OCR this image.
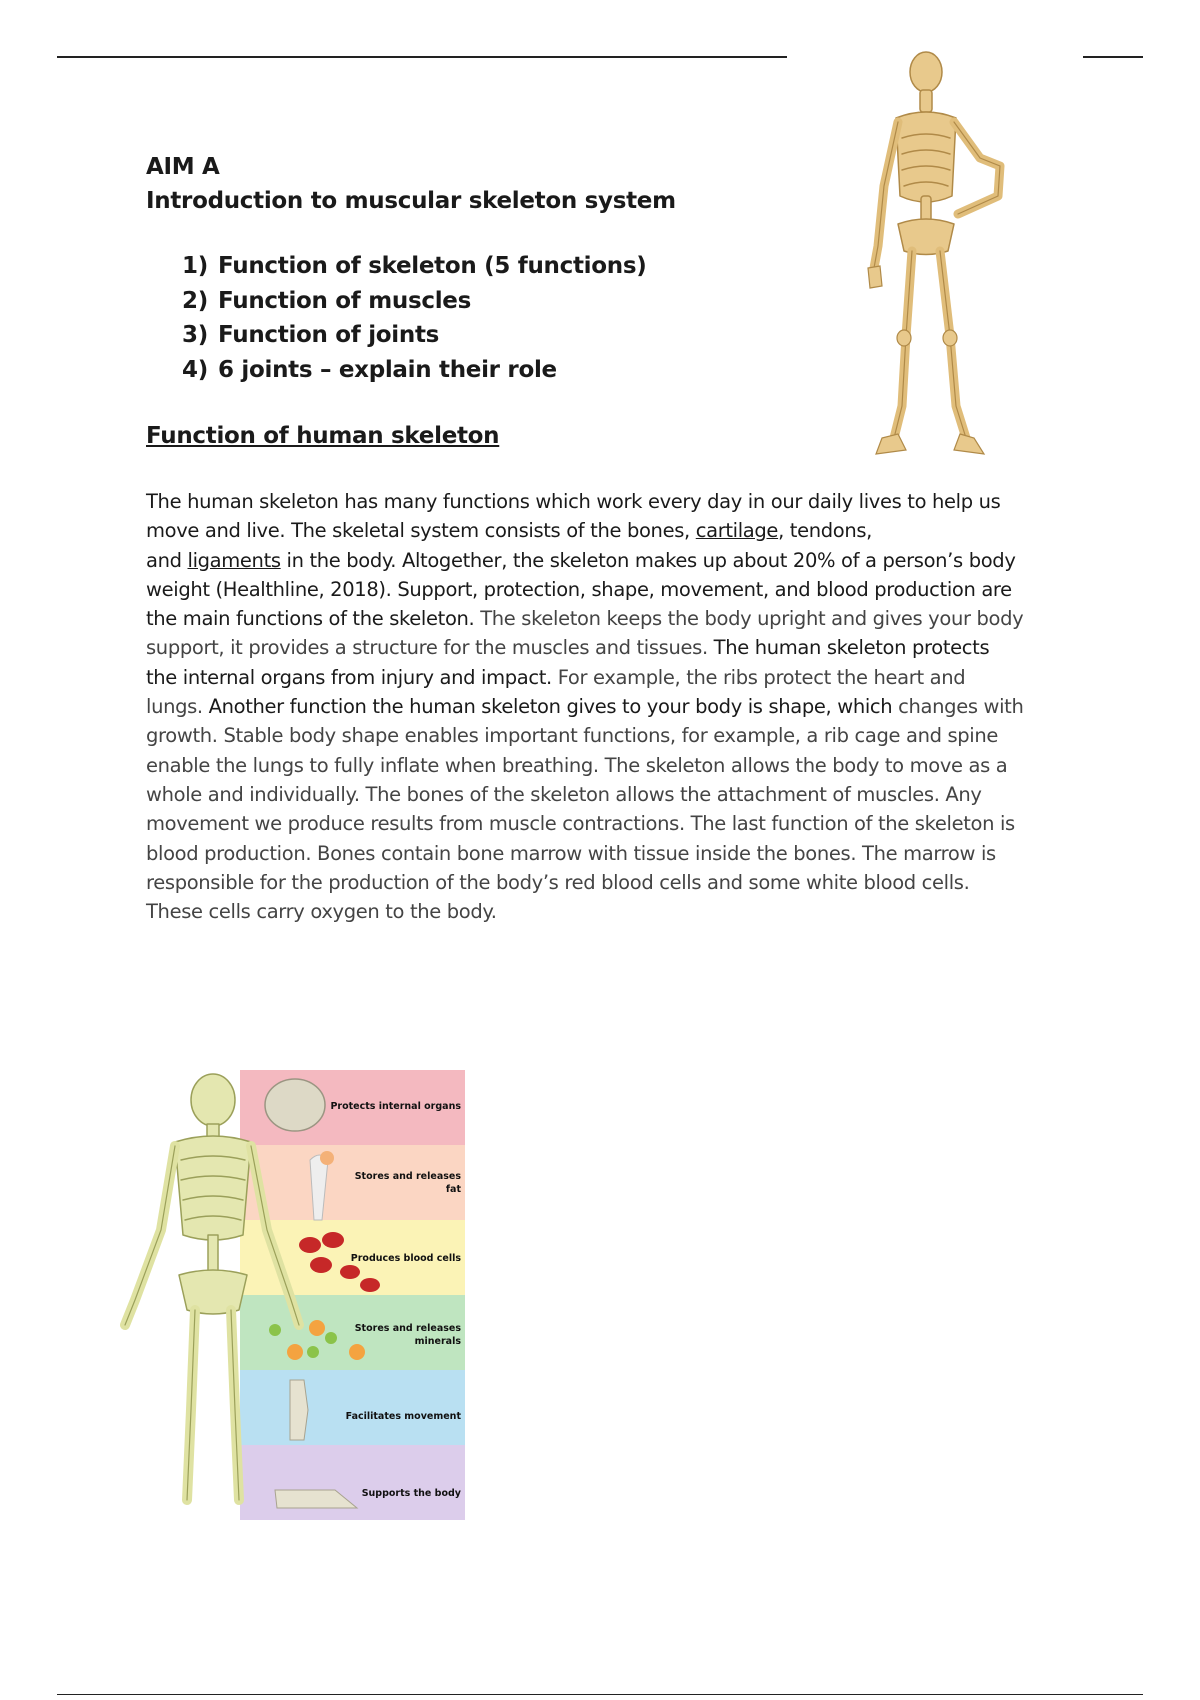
AIM A
Introduction to muscular skeleton system
1) Function of skeleton (5 functions)
2) Function of muscles
3) Function of joints
4) 6 joints – explain their role
Function of human skeleton
The human skeleton has many functions which work every day in our daily lives to help us
move and live. The skeletal system consists of the bones, cartilage, tendons,
and ligaments in the body. Altogether, the skeleton makes up about 20% of a person’s body
weight (Healthline, 2018). Support, protection, shape, movement, and blood production are
the main functions of the skeleton. The skeleton keeps the body upright and gives your body
support, it provides a structure for the muscles and tissues. The human skeleton protects
the internal organs from injury and impact. For example, the ribs protect the heart and
lungs. Another function the human skeleton gives to your body is shape, which changes with
growth. Stable body shape enables important functions, for example, a rib cage and spine
enable the lungs to fully inflate when breathing. The skeleton allows the body to move as a
whole and individually. The bones of the skeleton allows the attachment of muscles. Any
movement we produce results from muscle contractions. The last function of the skeleton is
blood production. Bones contain bone marrow with tissue inside the bones. The marrow is
responsible for the production of the body’s red blood cells and some white blood cells.
These cells carry oxygen to the body.
Protects internal organs
Stores and releases fat
Produces blood cells
Stores and releases minerals
Facilitates movement
Supports the body
